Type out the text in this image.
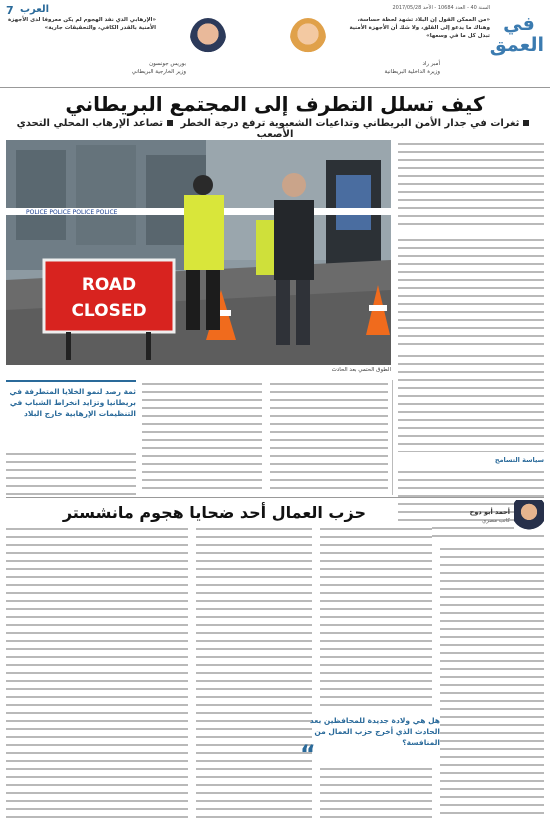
7 العرب	السنة 40 - العدد 10684 - الأحد 2017/05/28
في
العمق
«من الممكن القول إن البلاد تشهد لحظة حساسة، وهناك ما يدعو إلى القلق، ولا شك أن الأجهزة الأمنية تبذل كل ما في وسعها»
أمبر راد
وزيرة الداخلية البريطانية
«الإرهابي الذي نفذ الهجوم لم يكن معروفا لدى الأجهزة الأمنية بالقدر الكافي، والتحقيقات جارية»
بوريس جونسون
وزير الخارجية البريطاني
كيف تسلل التطرف إلى المجتمع البريطاني
ثغرات في جدار الأمن البريطاني وتداعيات الشعبوية ترفع درجة الخطر تصاعد الإرهاب المحلي التحدي الأصعب
POLICE POLICE POLICE POLICE
ROAD
CLOSED
الطوق الحتمي بعد الحادث
سياسة التسامح
ثمة رصد لنمو الخلايا المتطرفة في بريطانيا وتزايد انخراط الشباب في التنظيمات الإرهابية خارج البلاد
حزب العمال أحد ضحايا هجوم مانشستر	أحمد أبو دوح
كاتب مصري
هل هي ولادة جديدة للمحافظين بعد الحادث الذي أخرج حزب العمال من المنافسة؟
“
